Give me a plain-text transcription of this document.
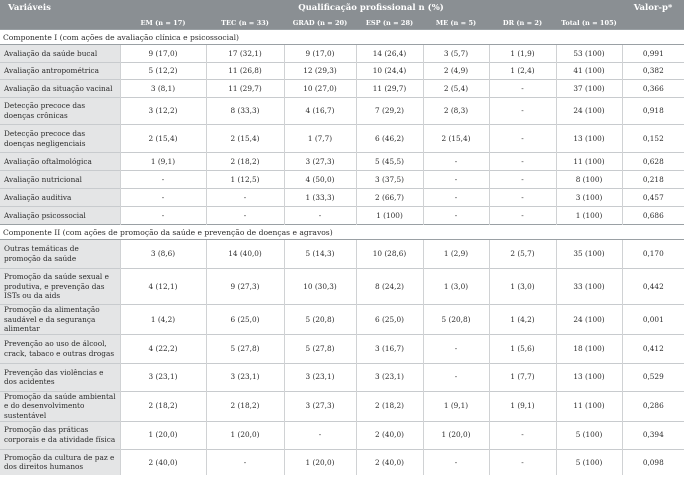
Variáveis	Qualificação profissional n (%)							Valor-p*
	EM (n = 17)	TEC (n = 33)	GRAD (n = 20)	ESP (n = 28)	ME (n = 5)	DR (n = 2)	Total (n = 105)	
Componente I (com ações de avaliação clínica e psicossocial)								
Avaliação da saúde bucal	9 (17,0)	17 (32,1)	9 (17,0)	14 (26,4)	3 (5,7)	1 (1,9)	53 (100)	0,991
Avaliação antropométrica	5 (12,2)	11 (26,8)	12 (29,3)	10 (24,4)	2 (4,9)	1 (2,4)	41 (100)	0,382
Avaliação da situação vacinal	3 (8,1)	11 (29,7)	10 (27,0)	11 (29,7)	2 (5,4)	-	37 (100)	0,366
Detecção precoce das doenças crônicas	3 (12,2)	8 (33,3)	4 (16,7)	7 (29,2)	2 (8,3)	-	24 (100)	0,918
Detecção precoce das doenças negligenciais	2 (15,4)	2 (15,4)	1 (7,7)	6 (46,2)	2 (15,4)	-	13 (100)	0,152
Avaliação oftalmológica	1 (9,1)	2 (18,2)	3 (27,3)	5 (45,5)	-	-	11 (100)	0,628
Avaliação nutricional	-	1 (12,5)	4 (50,0)	3 (37,5)	-	-	8 (100)	0,218
Avaliação auditiva	-	-	1 (33,3)	2 (66,7)	-	-	3 (100)	0,457
Avaliação psicossocial	-	-	-	1 (100)	-	-	1 (100)	0,686
Componente II (com ações de promoção da saúde e prevenção de doenças e agravos)								
Outras temáticas de promoção da saúde	3 (8,6)	14 (40,0)	5 (14,3)	10 (28,6)	1 (2,9)	2 (5,7)	35 (100)	0,170
Promoção da saúde sexual e produtiva, e prevenção das ISTs ou da aids	4 (12,1)	9 (27,3)	10 (30,3)	8 (24,2)	1 (3,0)	1 (3,0)	33 (100)	0,442
Promoção da alimentação saudável e da segurança alimentar	1 (4,2)	6 (25,0)	5 (20,8)	6 (25,0)	5 (20,8)	1 (4,2)	24 (100)	0,001
Prevenção ao uso de álcool, crack, tabaco e outras drogas	4 (22,2)	5 (27,8)	5 (27,8)	3 (16,7)	-	1 (5,6)	18 (100)	0,412
Prevenção das violências e dos acidentes	3 (23,1)	3 (23,1)	3 (23,1)	3 (23,1)	-	1 (7,7)	13 (100)	0,529
Promoção da saúde ambiental e do desenvolvimento sustentável	2 (18,2)	2 (18,2)	3 (27,3)	2 (18,2)	1 (9,1)	1 (9,1)	11 (100)	0,286
Promoção das práticas corporais e da atividade física	1 (20,0)	1 (20,0)	-	2 (40,0)	1 (20,0)	-	5 (100)	0,394
Promoção da cultura de paz e dos direitos humanos	2 (40,0)	-	1 (20,0)	2 (40,0)	-	-	5 (100)	0,098
